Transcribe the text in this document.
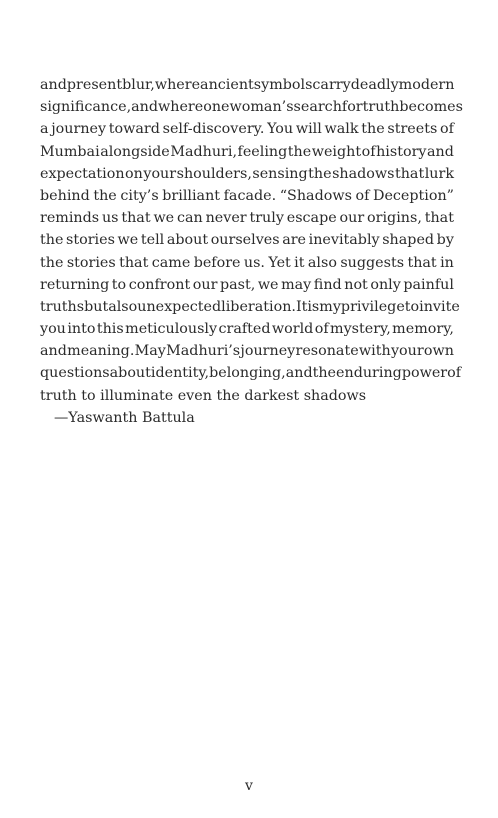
and present blur, where ancient symbols carry deadly modern
significance, and where one woman’s search for truth becomes
a journey toward self-discovery. You will walk the streets of
Mumbai alongside Madhuri, feeling the weight of history and
expectation on your shoulders, sensing the shadows that lurk
behind the city’s brilliant facade. “Shadows of Deception”
reminds us that we can never truly escape our origins, that
the stories we tell about ourselves are inevitably shaped by
the stories that came before us. Yet it also suggests that in
returning to confront our past, we may find not only painful
truths but also unexpected liberation. It is my privilege to invite
you into this meticulously crafted world of mystery, memory,
and meaning. May Madhuri’s journey resonate with your own
questions about identity, belonging, and the enduring power of
truth to illuminate even the darkest shadows
—Yaswanth Battula
v
